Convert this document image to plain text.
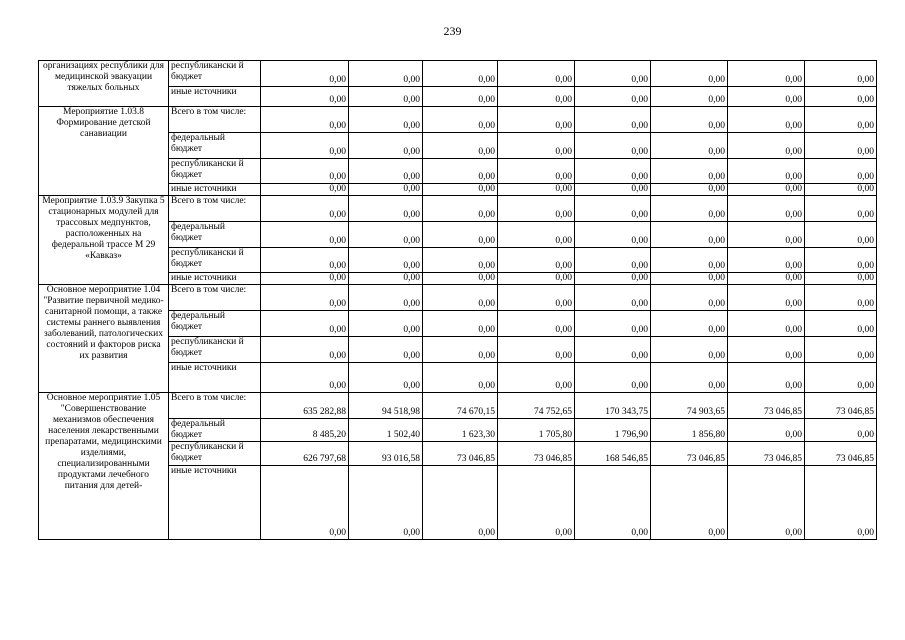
239
организациях республики для медицинской эвакуации тяжелых больных	республикански й бюджет	0,00	0,00	0,00	0,00	0,00	0,00	0,00	0,00
	иные источники	0,00	0,00	0,00	0,00	0,00	0,00	0,00	0,00
Мероприятие 1.03.8 Формирование детской санавиации	Всего в том числе:	0,00	0,00	0,00	0,00	0,00	0,00	0,00	0,00
	федеральный бюджет	0,00	0,00	0,00	0,00	0,00	0,00	0,00	0,00
	республикански й бюджет	0,00	0,00	0,00	0,00	0,00	0,00	0,00	0,00
	иные источники	0,00	0,00	0,00	0,00	0,00	0,00	0,00	0,00
Мероприятие 1.03.9 Закупка 5 стационарных модулей для трассовых медпунктов, расположенных на федеральной трассе М 29 «Кавказ»	Всего в том числе:	0,00	0,00	0,00	0,00	0,00	0,00	0,00	0,00
	федеральный бюджет	0,00	0,00	0,00	0,00	0,00	0,00	0,00	0,00
	республикански й бюджет	0,00	0,00	0,00	0,00	0,00	0,00	0,00	0,00
	иные источники	0,00	0,00	0,00	0,00	0,00	0,00	0,00	0,00
Основное мероприятие 1.04 "Развитие первичной медико-санитарной помощи, а также системы раннего выявления заболеваний, патологических состояний и факторов риска их развития	Всего в том числе:	0,00	0,00	0,00	0,00	0,00	0,00	0,00	0,00
	федеральный бюджет	0,00	0,00	0,00	0,00	0,00	0,00	0,00	0,00
	республикански й бюджет	0,00	0,00	0,00	0,00	0,00	0,00	0,00	0,00
	иные источники	0,00	0,00	0,00	0,00	0,00	0,00	0,00	0,00
Основное мероприятие 1.05 "Совершенствование механизмов обеспечения населения лекарственными препаратами, медицинскими изделиями, специализированными продуктами лечебного питания для детей-	Всего в том числе:	635 282,88	94 518,98	74 670,15	74 752,65	170 343,75	74 903,65	73 046,85	73 046,85
	федеральный бюджет	8 485,20	1 502,40	1 623,30	1 705,80	1 796,90	1 856,80	0,00	0,00
	республикански й бюджет	626 797,68	93 016,58	73 046,85	73 046,85	168 546,85	73 046,85	73 046,85	73 046,85
	иные источники	0,00	0,00	0,00	0,00	0,00	0,00	0,00	0,00
